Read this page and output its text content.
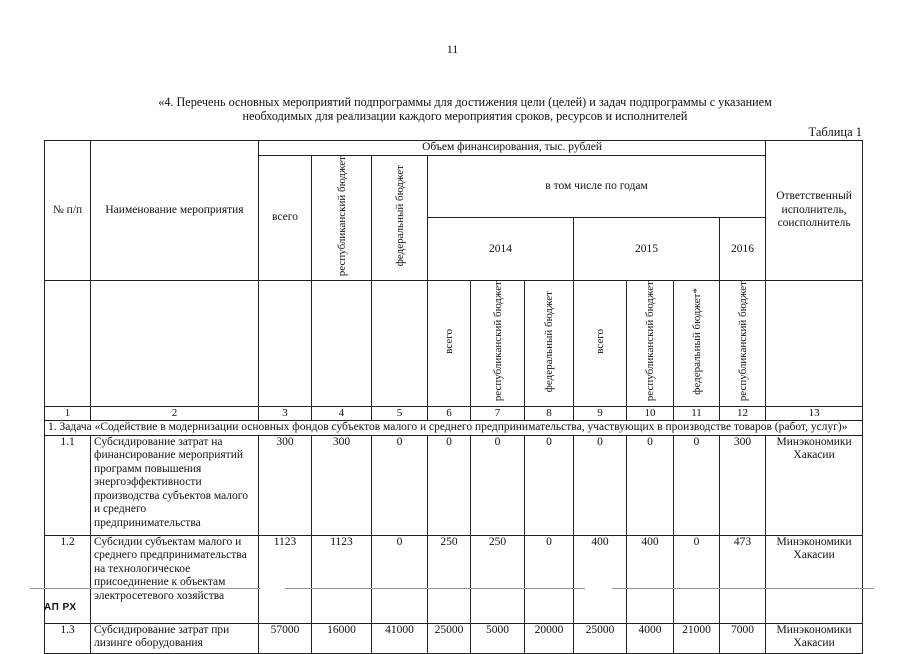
11
«4. Перечень основных мероприятий подпрограммы для достижения цели (целей) и задач подпрограммы с указанием
необходимых для реализации каждого мероприятия сроков, ресурсов и исполнителей
Таблица 1
№ п/п	Наименование мероприятия	Объем финансирования, тыс. рублей										Ответственный исполнитель, соисполнитель
		всего	республиканский бюджет	федеральный бюджет	в том числе по годам							
					2014			2015			2016	
					всего	республиканский бюджет	федеральный бюджет	всего	республиканский бюджет	федеральный бюджет*	республиканский бюджет	
1	2	3	4	5	6	7	8	9	10	11	12	13
1. Задача «Содействие в модернизации основных фондов субъектов малого и среднего предпринимательства, участвующих в производстве товаров (работ, услуг)»												
1.1	Субсидирование затрат на финансирование мероприятий программ повышения энергоэффективности производства субъектов малого и среднего предпринимательства	300	300	0	0	0	0	0	0	0	300	Минэкономики Хакасии
1.2	Субсидии субъектам малого и среднего предпринимательства на технологическое присоединение к объектам электросетевого хозяйства	1123	1123	0	250	250	0	400	400	0	473	Минэкономики Хакасии
1.3	Субсидирование затрат при лизинге оборудования	57000	16000	41000	25000	5000	20000	25000	4000	21000	7000	Минэкономики Хакасии
АП РХ
